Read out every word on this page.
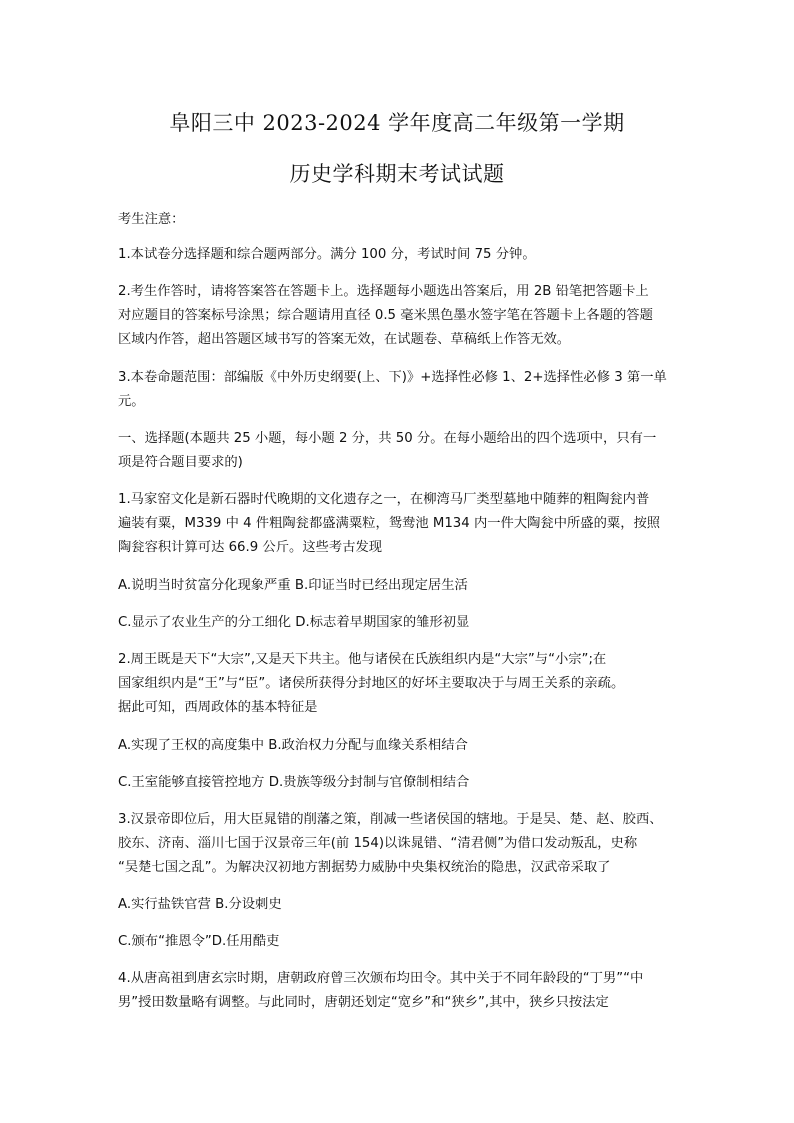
阜阳三中 2023-2024 学年度高二年级第一学期
历史学科期末考试试题

考生注意：

1.本试卷分选择题和综合题两部分。满分 100 分，考试时间 75 分钟。

2.考生作答时，请将答案答在答题卡上。选择题每小题选出答案后，用 2B 铅笔把答题卡上
对应题目的答案标号涂黑；综合题请用直径 0.5 毫米黑色墨水签字笔在答题卡上各题的答题
区域内作答，超出答题区域书写的答案无效，在试题卷、草稿纸上作答无效。
3.本卷命题范围：部编版《中外历史纲要(上、下)》+选择性必修 1、2+选择性必修 3 第一单
元。
一、选择题(本题共 25 小题，每小题 2 分，共 50 分。在每小题给出的四个选项中，只有一
项是符合题目要求的)
1.马家窑文化是新石器时代晚期的文化遗存之一，在柳湾马厂类型墓地中随葬的粗陶瓮内普
遍装有粟，M339 中 4 件粗陶瓮都盛满粟粒，鸳鸯池 M134 内一件大陶瓮中所盛的粟，按照
陶瓮容积计算可达 66.9 公斤。这些考古发现

A.说明当时贫富分化现象严重 B.印证当时已经出现定居生活

C.显示了农业生产的分工细化 D.标志着早期国家的雏形初显

2.周王既是天下“大宗”,又是天下共主。他与诸侯在氏族组织内是“大宗”与“小宗”;在
国家组织内是“王”与“臣”。诸侯所获得分封地区的好坏主要取决于与周王关系的亲疏。
据此可知，西周政体的基本特征是

A.实现了王权的高度集中 B.政治权力分配与血缘关系相结合

C.王室能够直接管控地方 D.贵族等级分封制与官僚制相结合

3.汉景帝即位后，用大臣晁错的削藩之策，削减一些诸侯国的辖地。于是吴、楚、赵、胶西、
胶东、济南、淄川七国于汉景帝三年(前 154)以诛晁错、“清君侧”为借口发动叛乱，史称
“吴楚七国之乱”。为解决汉初地方割据势力威胁中央集权统治的隐患，汉武帝采取了

A.实行盐铁官营 B.分设刺史

C.颁布“推恩令”D.任用酷吏

4.从唐高祖到唐玄宗时期，唐朝政府曾三次颁布均田令。其中关于不同年龄段的“丁男”“中
男”授田数量略有调整。与此同时，唐朝还划定“宽乡”和“狭乡”,其中，狭乡只按法定
